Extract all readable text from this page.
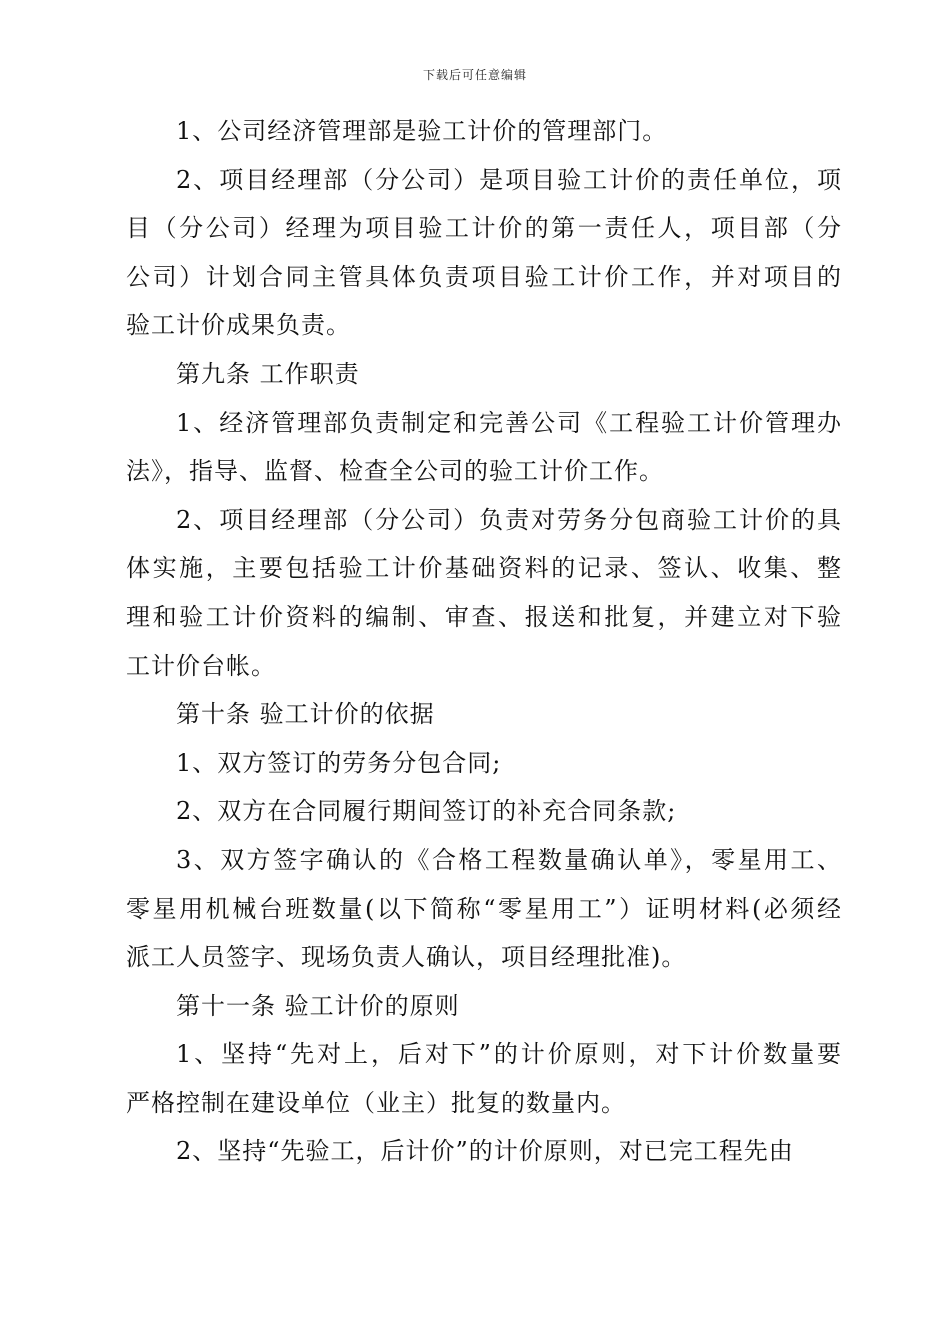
下载后可任意编辑

1、公司经济管理部是验工计价的管理部门。

2、项目经理部（分公司）是项目验工计价的责任单位，项
目（分公司）经理为项目验工计价的第一责任人，项目部（分
公司）计划合同主管具体负责项目验工计价工作，并对项目的
验工计价成果负责。

第九条 工作职责

1、经济管理部负责制定和完善公司《工程验工计价管理办
法》，指导、监督、检查全公司的验工计价工作。

2、项目经理部（分公司）负责对劳务分包商验工计价的具
体实施，主要包括验工计价基础资料的记录、签认、收集、整
理和验工计价资料的编制、审查、报送和批复，并建立对下验
工计价台帐。

第十条 验工计价的依据

1、双方签订的劳务分包合同;

2、双方在合同履行期间签订的补充合同条款;

3、双方签字确认的《合格工程数量确认单》，零星用工、
零星用机械台班数量(以下简称“零星用工”）证明材料(必须经
派工人员签字、现场负责人确认，项目经理批准)。

第十一条 验工计价的原则

1、坚持“先对上，后对下”的计价原则，对下计价数量要
严格控制在建设单位（业主）批复的数量内。

2、坚持“先验工，后计价”的计价原则，对已完工程先由
